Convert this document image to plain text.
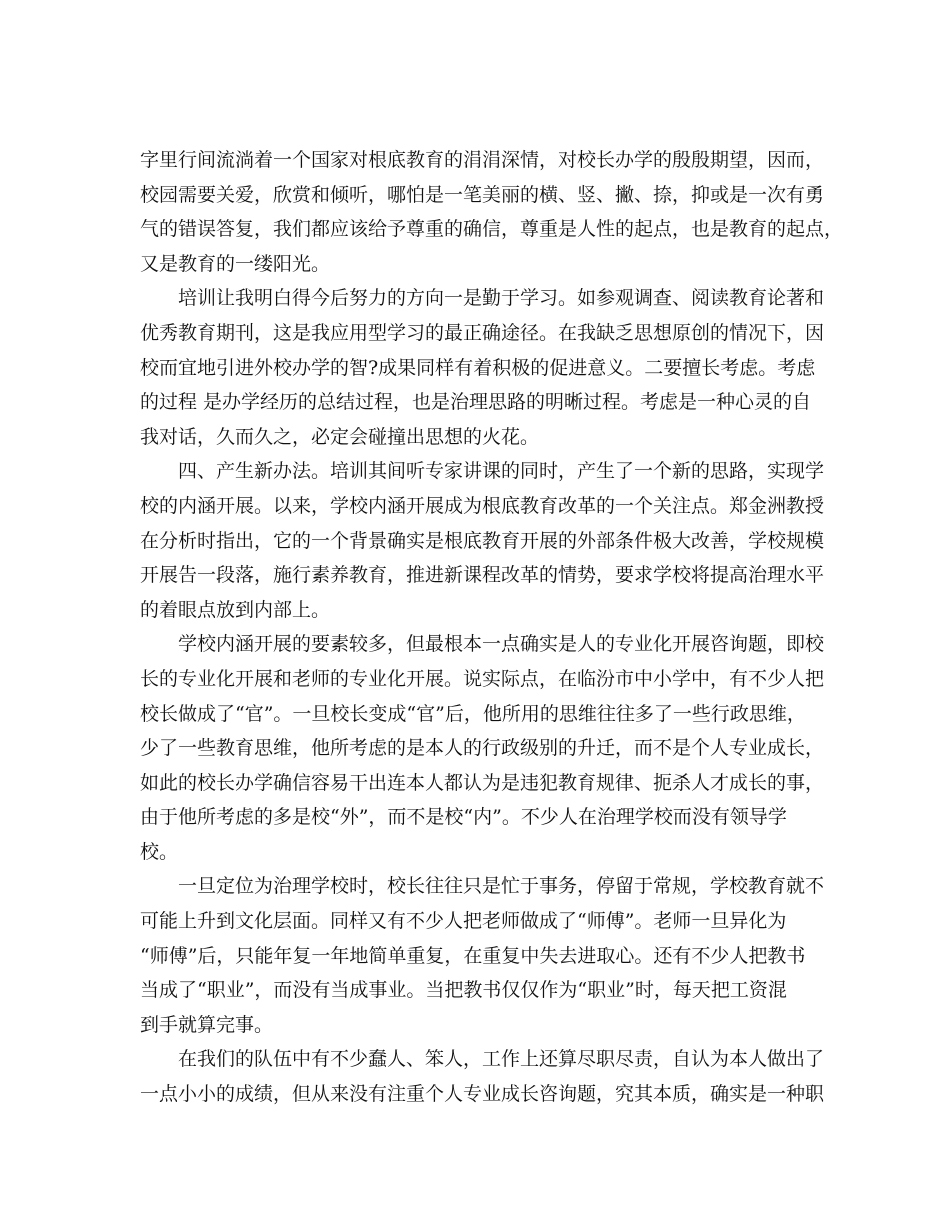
字里行间流淌着一个国家对根底教育的涓涓深情，对校长办学的殷殷期望，因而，
校园需要关爱，欣赏和倾听，哪怕是一笔美丽的横、竖、撇、捺，抑或是一次有勇
气的错误答复，我们都应该给予尊重的确信，尊重是人性的起点，也是教育的起点，
又是教育的一缕阳光。
培训让我明白得今后努力的方向一是勤于学习。如参观调查、阅读教育论著和
优秀教育期刊，这是我应用型学习的最正确途径。在我缺乏思想原创的情况下，因
校而宜地引进外校办学的智?成果同样有着积极的促进意义。二要擅长考虑。考虑
的过程 是办学经历的总结过程，也是治理思路的明晰过程。考虑是一种心灵的自
我对话，久而久之，必定会碰撞出思想的火花。
四、产生新办法。培训其间听专家讲课的同时，产生了一个新的思路，实现学
校的内涵开展。以来，学校内涵开展成为根底教育改革的一个关注点。郑金洲教授
在分析时指出，它的一个背景确实是根底教育开展的外部条件极大改善，学校规模
开展告一段落，施行素养教育，推进新课程改革的情势，要求学校将提高治理水平
的着眼点放到内部上。
学校内涵开展的要素较多，但最根本一点确实是人的专业化开展咨询题，即校
长的专业化开展和老师的专业化开展。说实际点，在临汾市中小学中，有不少人把
校长做成了“官”。一旦校长变成“官”后，他所用的思维往往多了一些行政思维，
少了一些教育思维，他所考虑的是本人的行政级别的升迁，而不是个人专业成长，
如此的校长办学确信容易干出连本人都认为是违犯教育规律、扼杀人才成长的事，
由于他所考虑的多是校“外”，而不是校“内”。不少人在治理学校而没有领导学
校。
一旦定位为治理学校时，校长往往只是忙于事务，停留于常规，学校教育就不
可能上升到文化层面。同样又有不少人把老师做成了“师傅”。老师一旦异化为
“师傅”后，只能年复一年地简单重复，在重复中失去进取心。还有不少人把教书
当成了“职业”，而没有当成事业。当把教书仅仅作为“职业”时，每天把工资混
到手就算完事。
在我们的队伍中有不少蠢人、笨人，工作上还算尽职尽责，自认为本人做出了
一点小小的成绩，但从来没有注重个人专业成长咨询题，究其本质，确实是一种职
